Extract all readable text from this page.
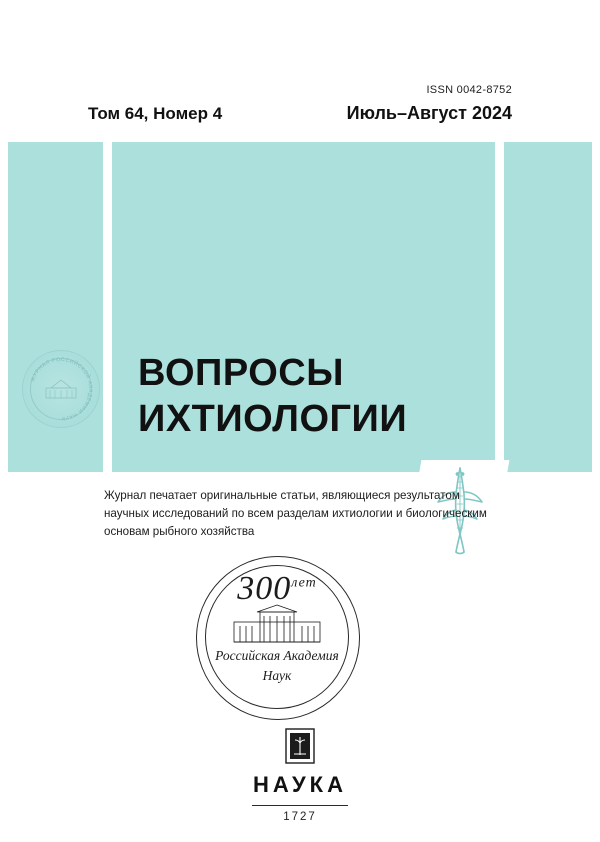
ISSN 0042-8752
Том 64, Номер 4	Июль–Август 2024
ЖУРНАЛ РОССИЙСКОЙ АКАДЕМИИ НАУК
ВОПРОСЫ
ИХТИОЛОГИИ
Журнал печатает оригинальные статьи, являющиеся результатом научных исследований по всем разделам ихтиологии и биологическим основам рыбного хозяйства
$300^{лет}$
Российская Академия
Наук
НАУКА
1727
